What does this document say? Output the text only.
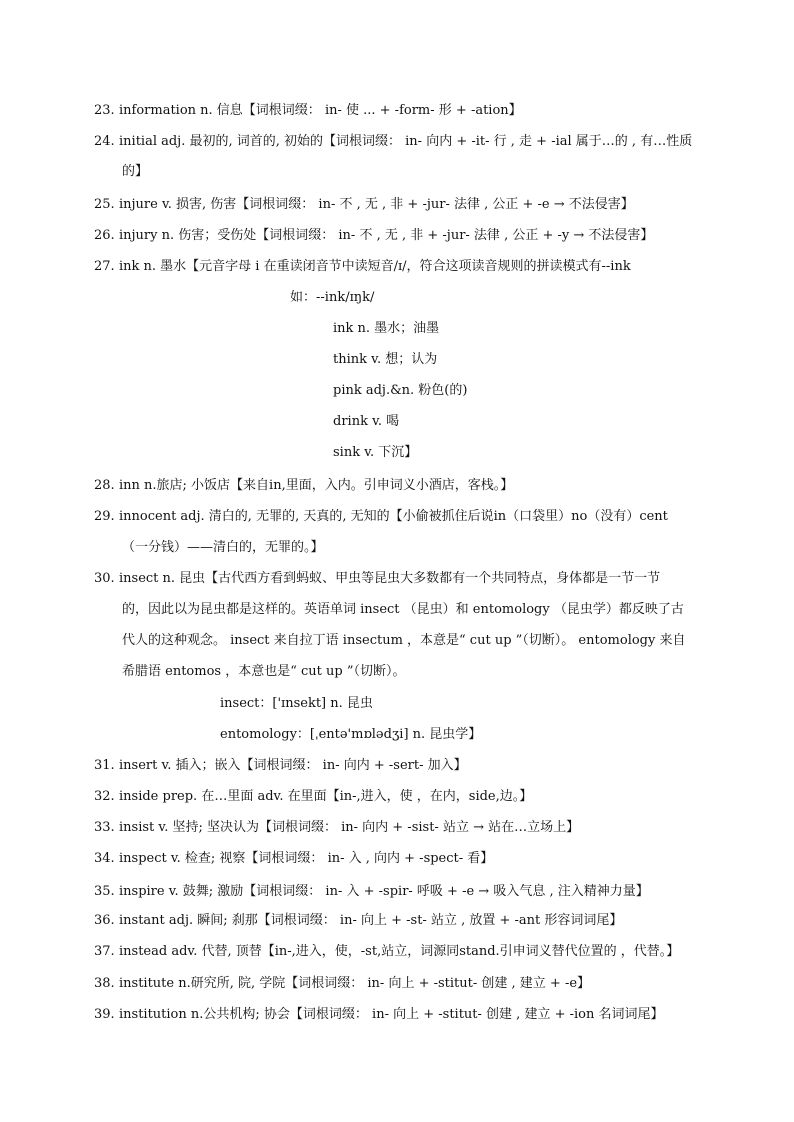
23. information n. 信息【词根词缀： in- 使 ... + -form- 形 + -ation】
24. initial adj. 最初的, 词首的, 初始的【词根词缀： in- 向内 + -it- 行 , 走 + -ial 属于…的 , 有…性质
的】
25. injure v. 损害, 伤害【词根词缀： in- 不 , 无 , 非 + -jur- 法律 , 公正 + -e → 不法侵害】
26. injury n. 伤害；受伤处【词根词缀： in- 不 , 无 , 非 + -jur- 法律 , 公正 + -y → 不法侵害】
27. ink n. 墨水【元音字母 i 在重读闭音节中读短音/ɪ/，符合这项读音规则的拼读模式有--ink
如：--ink/ɪŋk/
ink n. 墨水；油墨
think v. 想；认为
pink adj.&n. 粉色(的)
drink v. 喝
sink v. 下沉】
28. inn n.旅店; 小饭店【来自in,里面，入内。引申词义小酒店，客栈。】
29. innocent adj. 清白的, 无罪的, 天真的, 无知的【小偷被抓住后说in（口袋里）no（没有）cent
（一分钱）——清白的，无罪的。】
30. insect n. 昆虫【古代西方看到蚂蚁、甲虫等昆虫大多数都有一个共同特点，身体都是一节一节
的，因此以为昆虫都是这样的。英语单词 insect （昆虫）和 entomology （昆虫学）都反映了古
代人的这种观念。 insect 来自拉丁语 insectum ，本意是“ cut up ”（切断）。 entomology 来自
希腊语 entomos ，本意也是“ cut up ”（切断）。
insect：['ɪnsekt] n. 昆虫
entomology：[ˌentə'mɒlədʒi] n. 昆虫学】
31. insert v. 插入；嵌入【词根词缀： in- 向内 + -sert- 加入】
32. inside prep. 在…里面 adv. 在里面【in-,进入，使 ，在内，side,边。】
33. insist v. 坚持; 坚决认为【词根词缀： in- 向内 + -sist- 站立 → 站在…立场上】
34. inspect v. 检查; 视察【词根词缀： in- 入 , 向内 + -spect- 看】
35. inspire v. 鼓舞; 激励【词根词缀： in- 入 + -spir- 呼吸 + -e → 吸入气息 , 注入精神力量】
36. instant adj. 瞬间; 刹那【词根词缀： in- 向上 + -st- 站立 , 放置 + -ant 形容词词尾】
37. instead adv. 代替, 顶替【in-,进入，使，-st,站立，词源同stand.引申词义替代位置的 ，代替。】
38. institute n.研究所, 院, 学院【词根词缀： in- 向上 + -stitut- 创建 , 建立 + -e】
39. institution n.公共机构; 协会【词根词缀： in- 向上 + -stitut- 创建 , 建立 + -ion 名词词尾】
